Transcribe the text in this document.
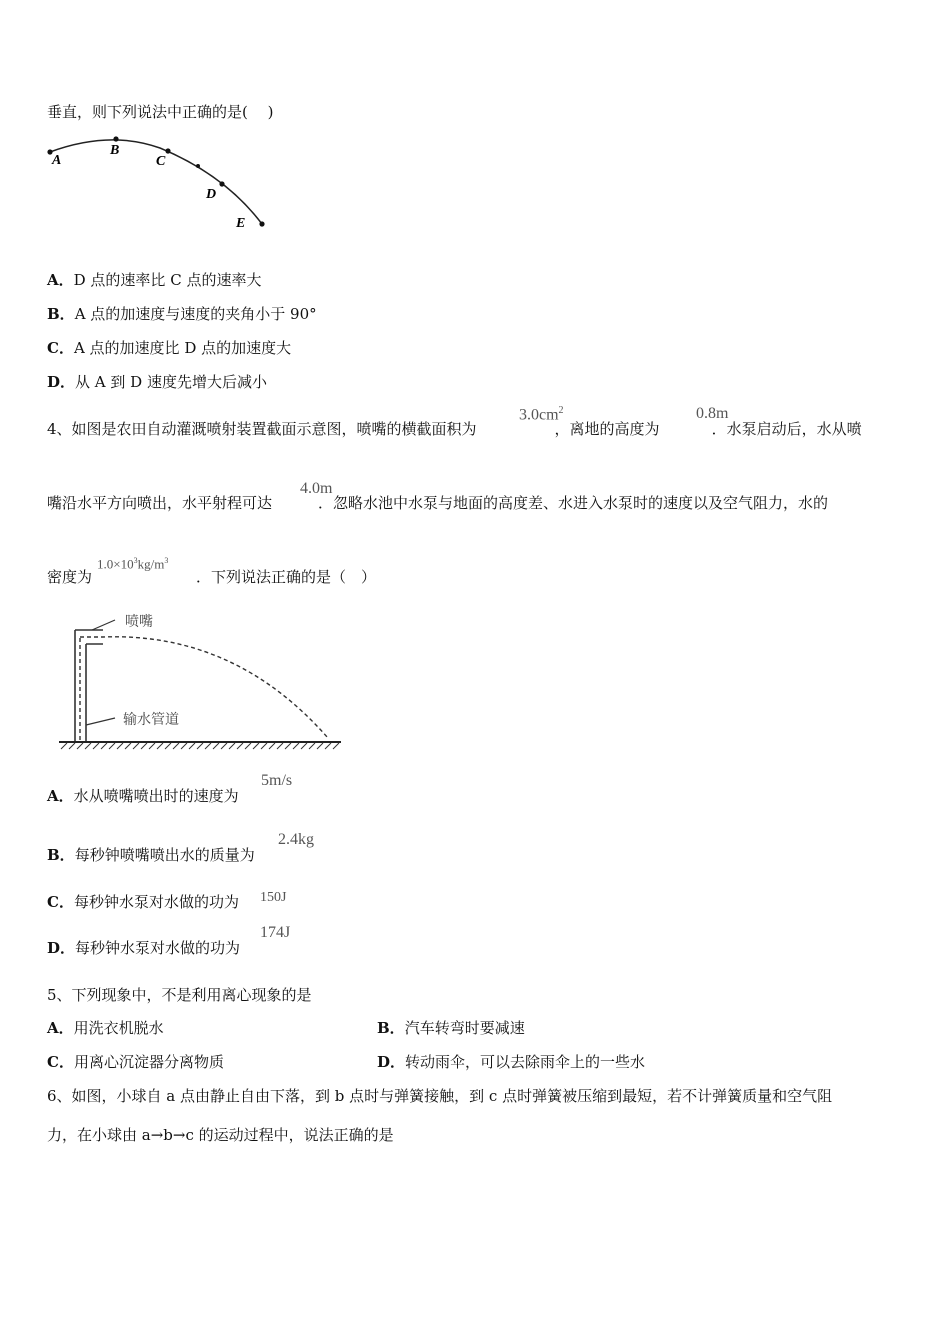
垂直，则下列说法中正确的是(　 )
A
B
C
D
E
A．D 点的速率比 C 点的速率大
B．A 点的加速度与速度的夹角小于 90°
C．A 点的加速度比 D 点的加速度大
D．从 A 到 D 速度先增大后减小
4、如图是农田自动灌溉喷射装置截面示意图，喷嘴的横截面积为	，离地的高度为	．水泵启动后，水从喷
$3.0cm^2$	0.8m
嘴沿水平方向喷出，水平射程可达	．忽略水池中水泵与地面的高度差、水进入水泵时的速度以及空气阻力，水的
4.0m
密度为	．下列说法正确的是（　）
$1.0\times 10^3kg/m^3$
喷嘴
输水管道
A．水从喷嘴喷出时的速度为
5m/s
B．每秒钟喷嘴喷出水的质量为
2.4kg
C．每秒钟水泵对水做的功为 150J
D．每秒钟水泵对水做的功为
174J
5、下列现象中，不是利用离心现象的是
A．用洗衣机脱水	B．汽车转弯时要减速
C．用离心沉淀器分离物质	D．转动雨伞，可以去除雨伞上的一些水
6、如图，小球自 a 点由静止自由下落，到 b 点时与弹簧接触，到 c 点时弹簧被压缩到最短，若不计弹簧质量和空气阻
力，在小球由 a→b→c 的运动过程中，说法正确的是
